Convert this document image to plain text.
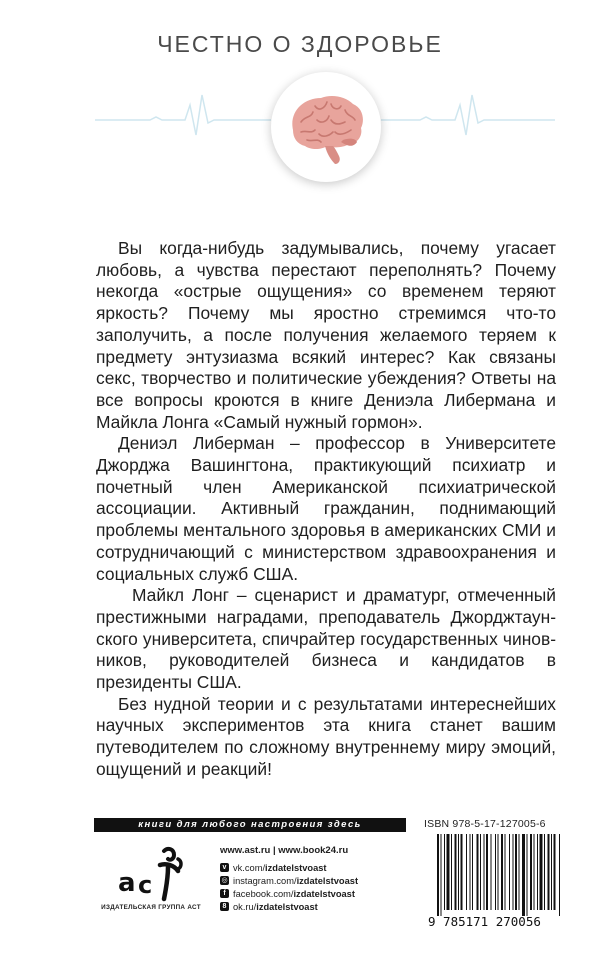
ЧЕСТНО О ЗДОРОВЬЕ

Вы когда-нибудь задумывались, почему угасает любовь, а чувства перестают переполнять? Почему некогда «острые ощущения» со временем теряют яркость? Почему мы яростно стремимся что-то заполучить, а после получения желаемого теряем к предмету энтузиазма всякий интерес? Как связаны секс, творчество и политические убеждения? Ответы на все вопросы кроются в книге Дениэла Либермана и Майкла Лонга «Самый нужный гормон».

Дениэл Либерман – профессор в Университете Джорджа Вашингтона, практикующий психиатр и почетный член Американской психиатрической ассоциации. Активный гражданин, поднимающий проблемы ментального здоровья в американских СМИ и сотрудничающий с министерством здравоохранения и социальных служб США.

Майкл Лонг – сценарист и драматург, отмеченный престижными наградами, преподаватель Джорджтаунского университета, спичрайтер государственных чиновников, руководителей бизнеса и кандидатов в президенты США.

Без нудной теории и с результатами интереснейших научных экспериментов эта книга станет вашим путеводителем по сложному внутреннему миру эмоций, ощущений и реакций!

книги для любого настроения здесь
a c
ИЗДАТЕЛЬСКАЯ ГРУППА АСТ
www.ast.ru | www.book24.ru
v vk.com/ izdatelstvoast
◎ instagram.com/ izdatelstvoast
f facebook.com/ izdatelstvoast
8 ok.ru/ izdatelstvoast
ISBN 978-5-17-127005-6
9 785171 270056
